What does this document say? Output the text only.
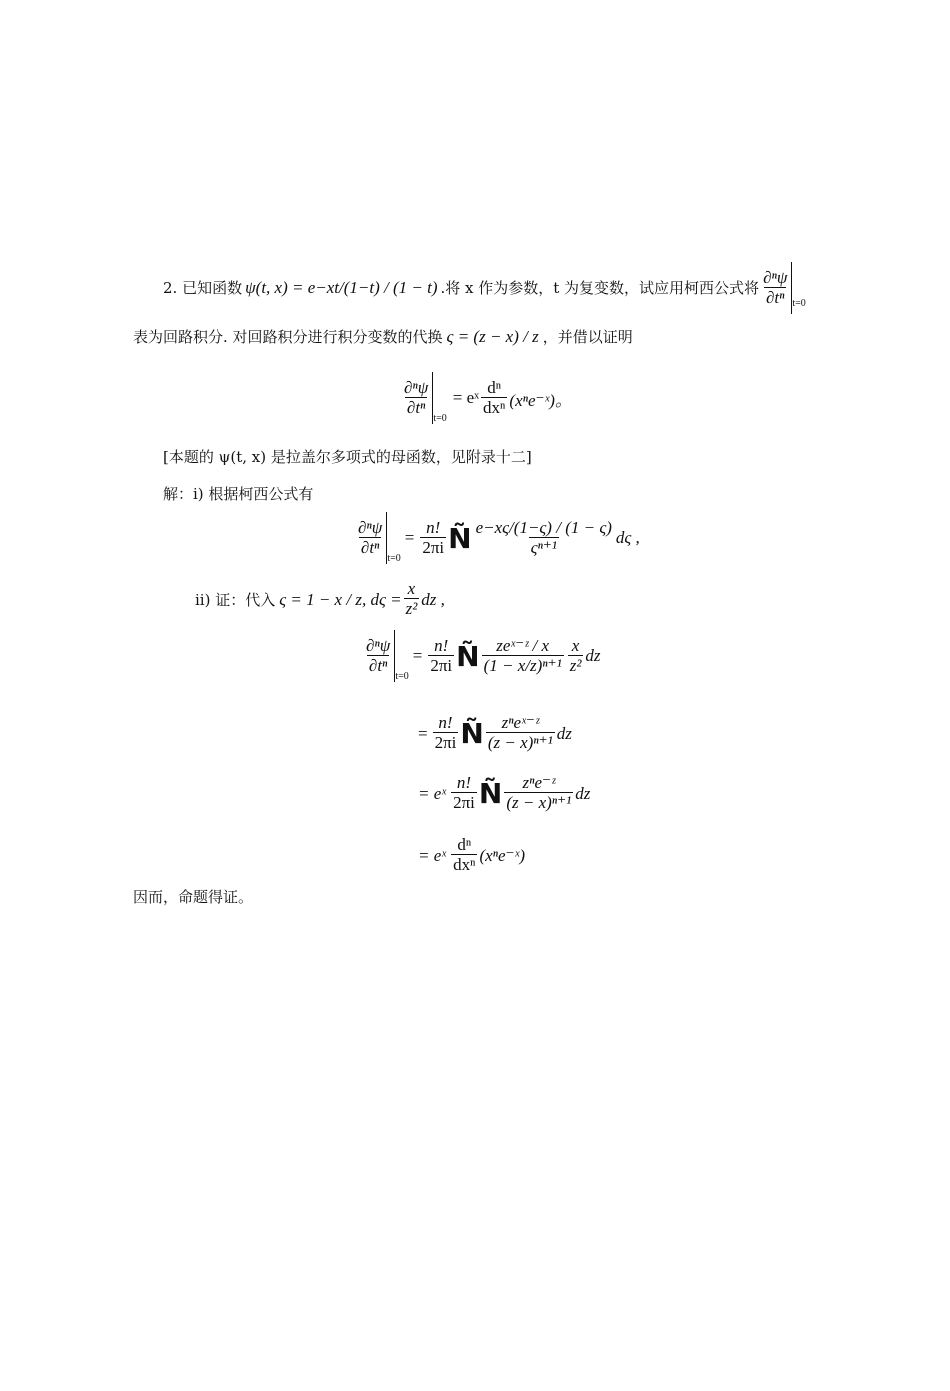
2.
已知函数 ψ(t, x) = e−xt/(1−t) / (1 − t) .将 x 作为参数，t 为复变数，试应用柯西公式将 $\frac{\text{∂ⁿψ}}{\text{∂tⁿ}} t=0$
表为回路积分. 对回路积分进行积分变数的代换 ς = (z − x) / z ，并借以证明
$\frac{\text{∂ⁿψ}}{\text{∂tⁿ}}$
t=0
= eˣ $\frac{\text{dⁿ}}{\text{dxⁿ}}$ (xⁿe⁻ˣ)。
[本题的 ψ(t, x) 是拉盖尔多项式的母函数，见附录十二]
解：i) 根据柯西公式有
$\frac{\text{∂ⁿψ}}{\text{∂tⁿ}}$
t=0
= $\frac{n!}{2\pi i}$ Ñ $\frac{e-x\varsigma/(1-\varsigma) / (1 - \varsigma)}{\text{ςⁿ⁺¹}}$ dς ,
ii) 证：代入 ς = 1 − x / z, $d\varsigma = \frac{x}{\text{z²}}$ dz ,
$\frac{\text{∂ⁿψ}}{\text{∂tⁿ}}$
t=0
= $\frac{n!}{2\pi i}$ Ñ $\frac{\text{zeˣ⁻ᶻ / x}}{\text{(1 − x/z)ⁿ⁺¹}} \frac{x}{\text{z²}}$ dz
= $\frac{n!}{2\pi i}$ Ñ $\frac{\text{zⁿeˣ⁻ᶻ}}{\text{(z − x)ⁿ⁺¹}}$ dz
= eˣ $\frac{n!}{2\pi i}$ Ñ $\frac{\text{zⁿe⁻ᶻ}}{\text{(z − x)ⁿ⁺¹}}$ dz
= eˣ $\frac{\text{dⁿ}}{\text{dxⁿ}}$ (xⁿe⁻ˣ)
因而，命题得证。
